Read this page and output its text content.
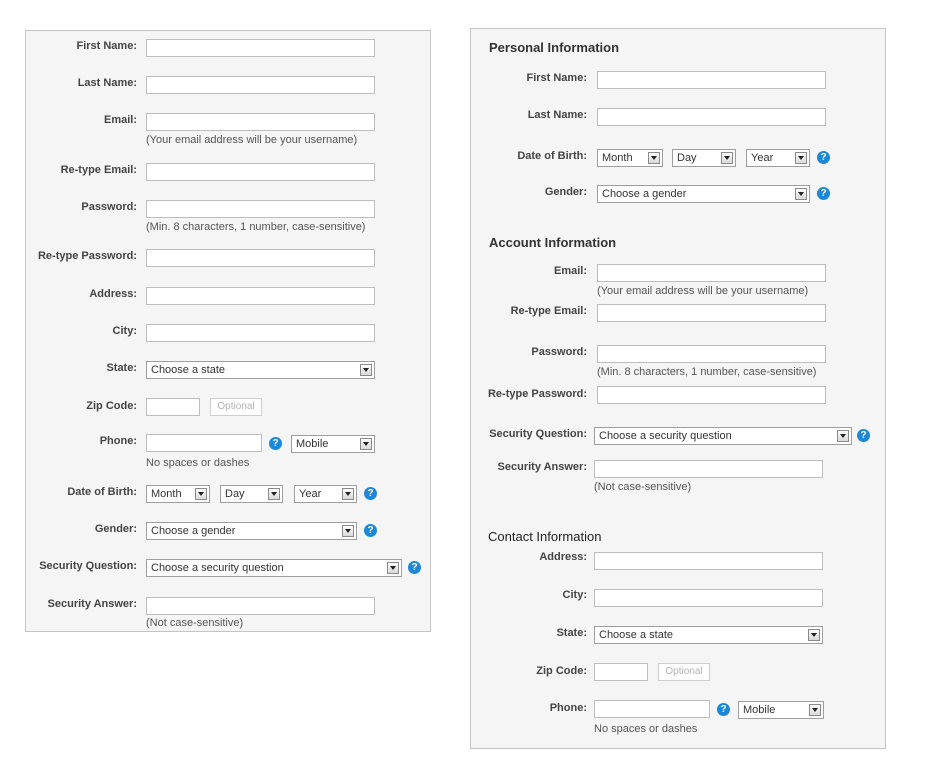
First Name:
Last Name:
Email:
(Your email address will be your username)
Re-type Email:
Password:
(Min. 8 characters, 1 number, case-sensitive)
Re-type Password:
Address:
City:
State: Choose a state
Zip Code:	Optional
Phone:	?	Mobile
No spaces or dashes
Date of Birth: Month	Day	Year	?
Gender: Choose a gender	?
Security Question: Choose a security question	?
Security Answer:
(Not case-sensitive)
Personal Information
First Name:
Last Name:
Date of Birth: Month	Day	Year	?
Gender: Choose a gender	?
Account Information
Email:
(Your email address will be your username)
Re-type Email:
Password:
(Min. 8 characters, 1 number, case-sensitive)
Re-type Password:
Security Question: Choose a security question	?
Security Answer:
(Not case-sensitive)
Contact Information
Address:
City:
State: Choose a state
Zip Code:	Optional
Phone:	?	Mobile
No spaces or dashes
